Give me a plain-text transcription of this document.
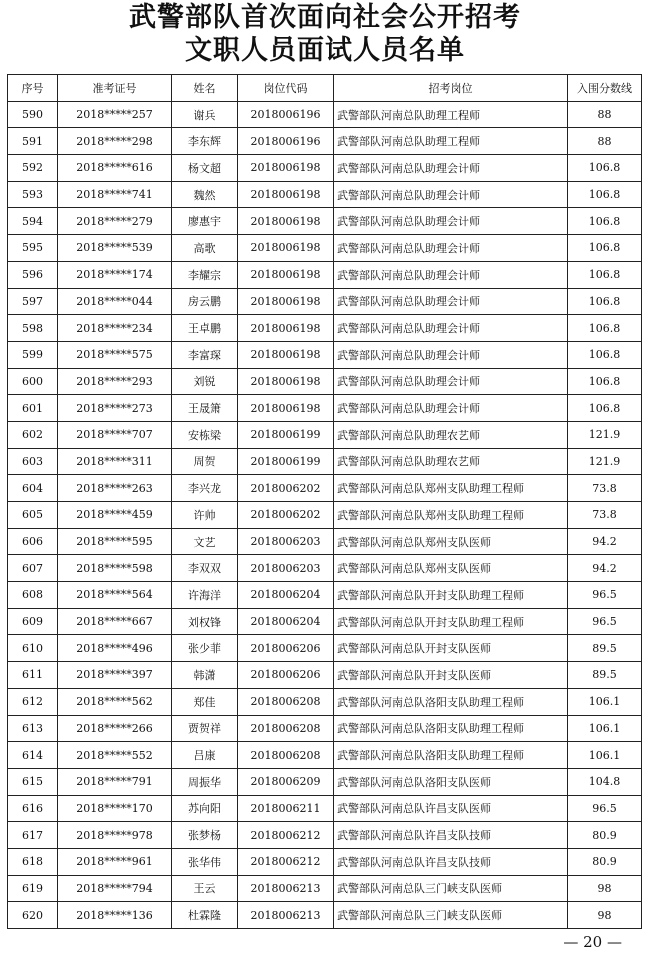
武警部队首次面向社会公开招考
文职人员面试人员名单
序号	准考证号	姓名	岗位代码	招考岗位	入围分数线
590	2018*****257	谢兵	2018006196	武警部队河南总队助理工程师	88
591	2018*****298	李东辉	2018006196	武警部队河南总队助理工程师	88
592	2018*****616	杨文超	2018006198	武警部队河南总队助理会计师	106.8
593	2018*****741	魏然	2018006198	武警部队河南总队助理会计师	106.8
594	2018*****279	廖惠宇	2018006198	武警部队河南总队助理会计师	106.8
595	2018*****539	高歌	2018006198	武警部队河南总队助理会计师	106.8
596	2018*****174	李耀宗	2018006198	武警部队河南总队助理会计师	106.8
597	2018*****044	房云鹏	2018006198	武警部队河南总队助理会计师	106.8
598	2018*****234	王卓鹏	2018006198	武警部队河南总队助理会计师	106.8
599	2018*****575	李富琛	2018006198	武警部队河南总队助理会计师	106.8
600	2018*****293	刘锐	2018006198	武警部队河南总队助理会计师	106.8
601	2018*****273	王晟箫	2018006198	武警部队河南总队助理会计师	106.8
602	2018*****707	安栋梁	2018006199	武警部队河南总队助理农艺师	121.9
603	2018*****311	周贺	2018006199	武警部队河南总队助理农艺师	121.9
604	2018*****263	李兴龙	2018006202	武警部队河南总队郑州支队助理工程师	73.8
605	2018*****459	许帅	2018006202	武警部队河南总队郑州支队助理工程师	73.8
606	2018*****595	文艺	2018006203	武警部队河南总队郑州支队医师	94.2
607	2018*****598	李双双	2018006203	武警部队河南总队郑州支队医师	94.2
608	2018*****564	许海洋	2018006204	武警部队河南总队开封支队助理工程师	96.5
609	2018*****667	刘权锋	2018006204	武警部队河南总队开封支队助理工程师	96.5
610	2018*****496	张少菲	2018006206	武警部队河南总队开封支队医师	89.5
611	2018*****397	韩潇	2018006206	武警部队河南总队开封支队医师	89.5
612	2018*****562	郑佳	2018006208	武警部队河南总队洛阳支队助理工程师	106.1
613	2018*****266	贾贺祥	2018006208	武警部队河南总队洛阳支队助理工程师	106.1
614	2018*****552	吕康	2018006208	武警部队河南总队洛阳支队助理工程师	106.1
615	2018*****791	周振华	2018006209	武警部队河南总队洛阳支队医师	104.8
616	2018*****170	苏向阳	2018006211	武警部队河南总队许昌支队医师	96.5
617	2018*****978	张梦杨	2018006212	武警部队河南总队许昌支队技师	80.9
618	2018*****961	张华伟	2018006212	武警部队河南总队许昌支队技师	80.9
619	2018*****794	王云	2018006213	武警部队河南总队三门峡支队医师	98
620	2018*****136	杜霖隆	2018006213	武警部队河南总队三门峡支队医师	98
— 20 —
